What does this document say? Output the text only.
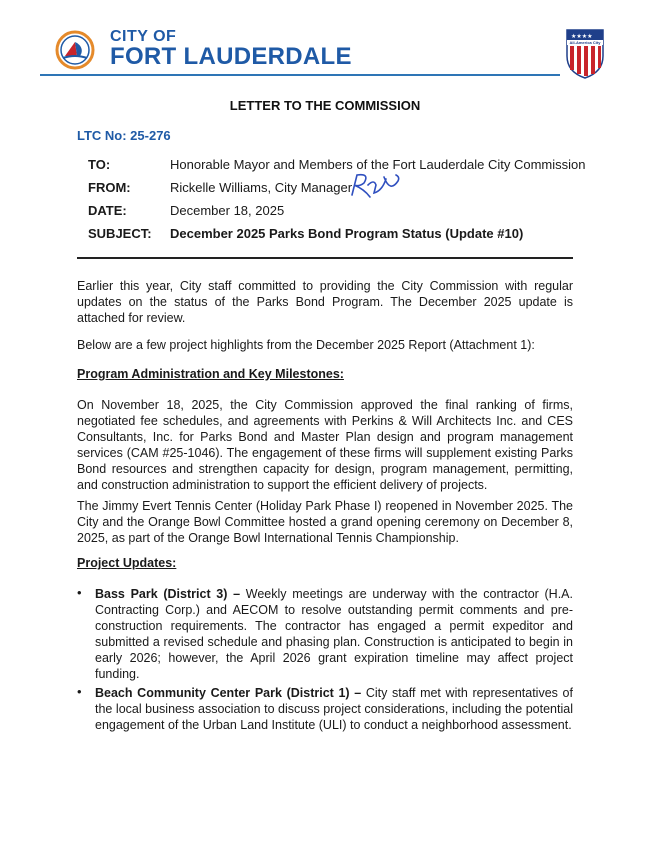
CITY OF
FORT LAUDERDALE
★★★★
All-America City
LETTER TO THE COMMISSION
LTC No: 25-276
TO:	Honorable Mayor and Members of the Fort Lauderdale City Commission
FROM:	Rickelle Williams, City Manager
DATE:	December 18, 2025
SUBJECT:	December 2025 Parks Bond Program Status (Update #10)

Earlier this year, City staff committed to providing the City Commission with regular updates on the status of the Parks Bond Program. The December 2025 update is attached for review.

Below are a few project highlights from the December 2025 Report (Attachment 1):

Program Administration and Key Milestones:

On November 18, 2025, the City Commission approved the final ranking of firms, negotiated fee schedules, and agreements with Perkins & Will Architects Inc. and CES Consultants, Inc. for Parks Bond and Master Plan design and program management services (CAM #25-1046). The engagement of these firms will supplement existing Parks Bond resources and strengthen capacity for design, program management, permitting, and construction administration to support the efficient delivery of projects.

The Jimmy Evert Tennis Center (Holiday Park Phase I) reopened in November 2025. The City and the Orange Bowl Committee hosted a grand opening ceremony on December 8, 2025, as part of the Orange Bowl International Tennis Championship.

Project Updates:
• Bass Park (District 3) – Weekly meetings are underway with the contractor (H.A. Contracting Corp.) and AECOM to resolve outstanding permit comments and pre-construction requirements. The contractor has engaged a permit expeditor and submitted a revised schedule and phasing plan. Construction is anticipated to begin in early 2026; however, the April 2026 grant expiration timeline may affect project funding.

• Beach Community Center Park (District 1) – City staff met with representatives of the local business association to discuss project considerations, including the potential engagement of the Urban Land Institute (ULI) to conduct a neighborhood assessment.
